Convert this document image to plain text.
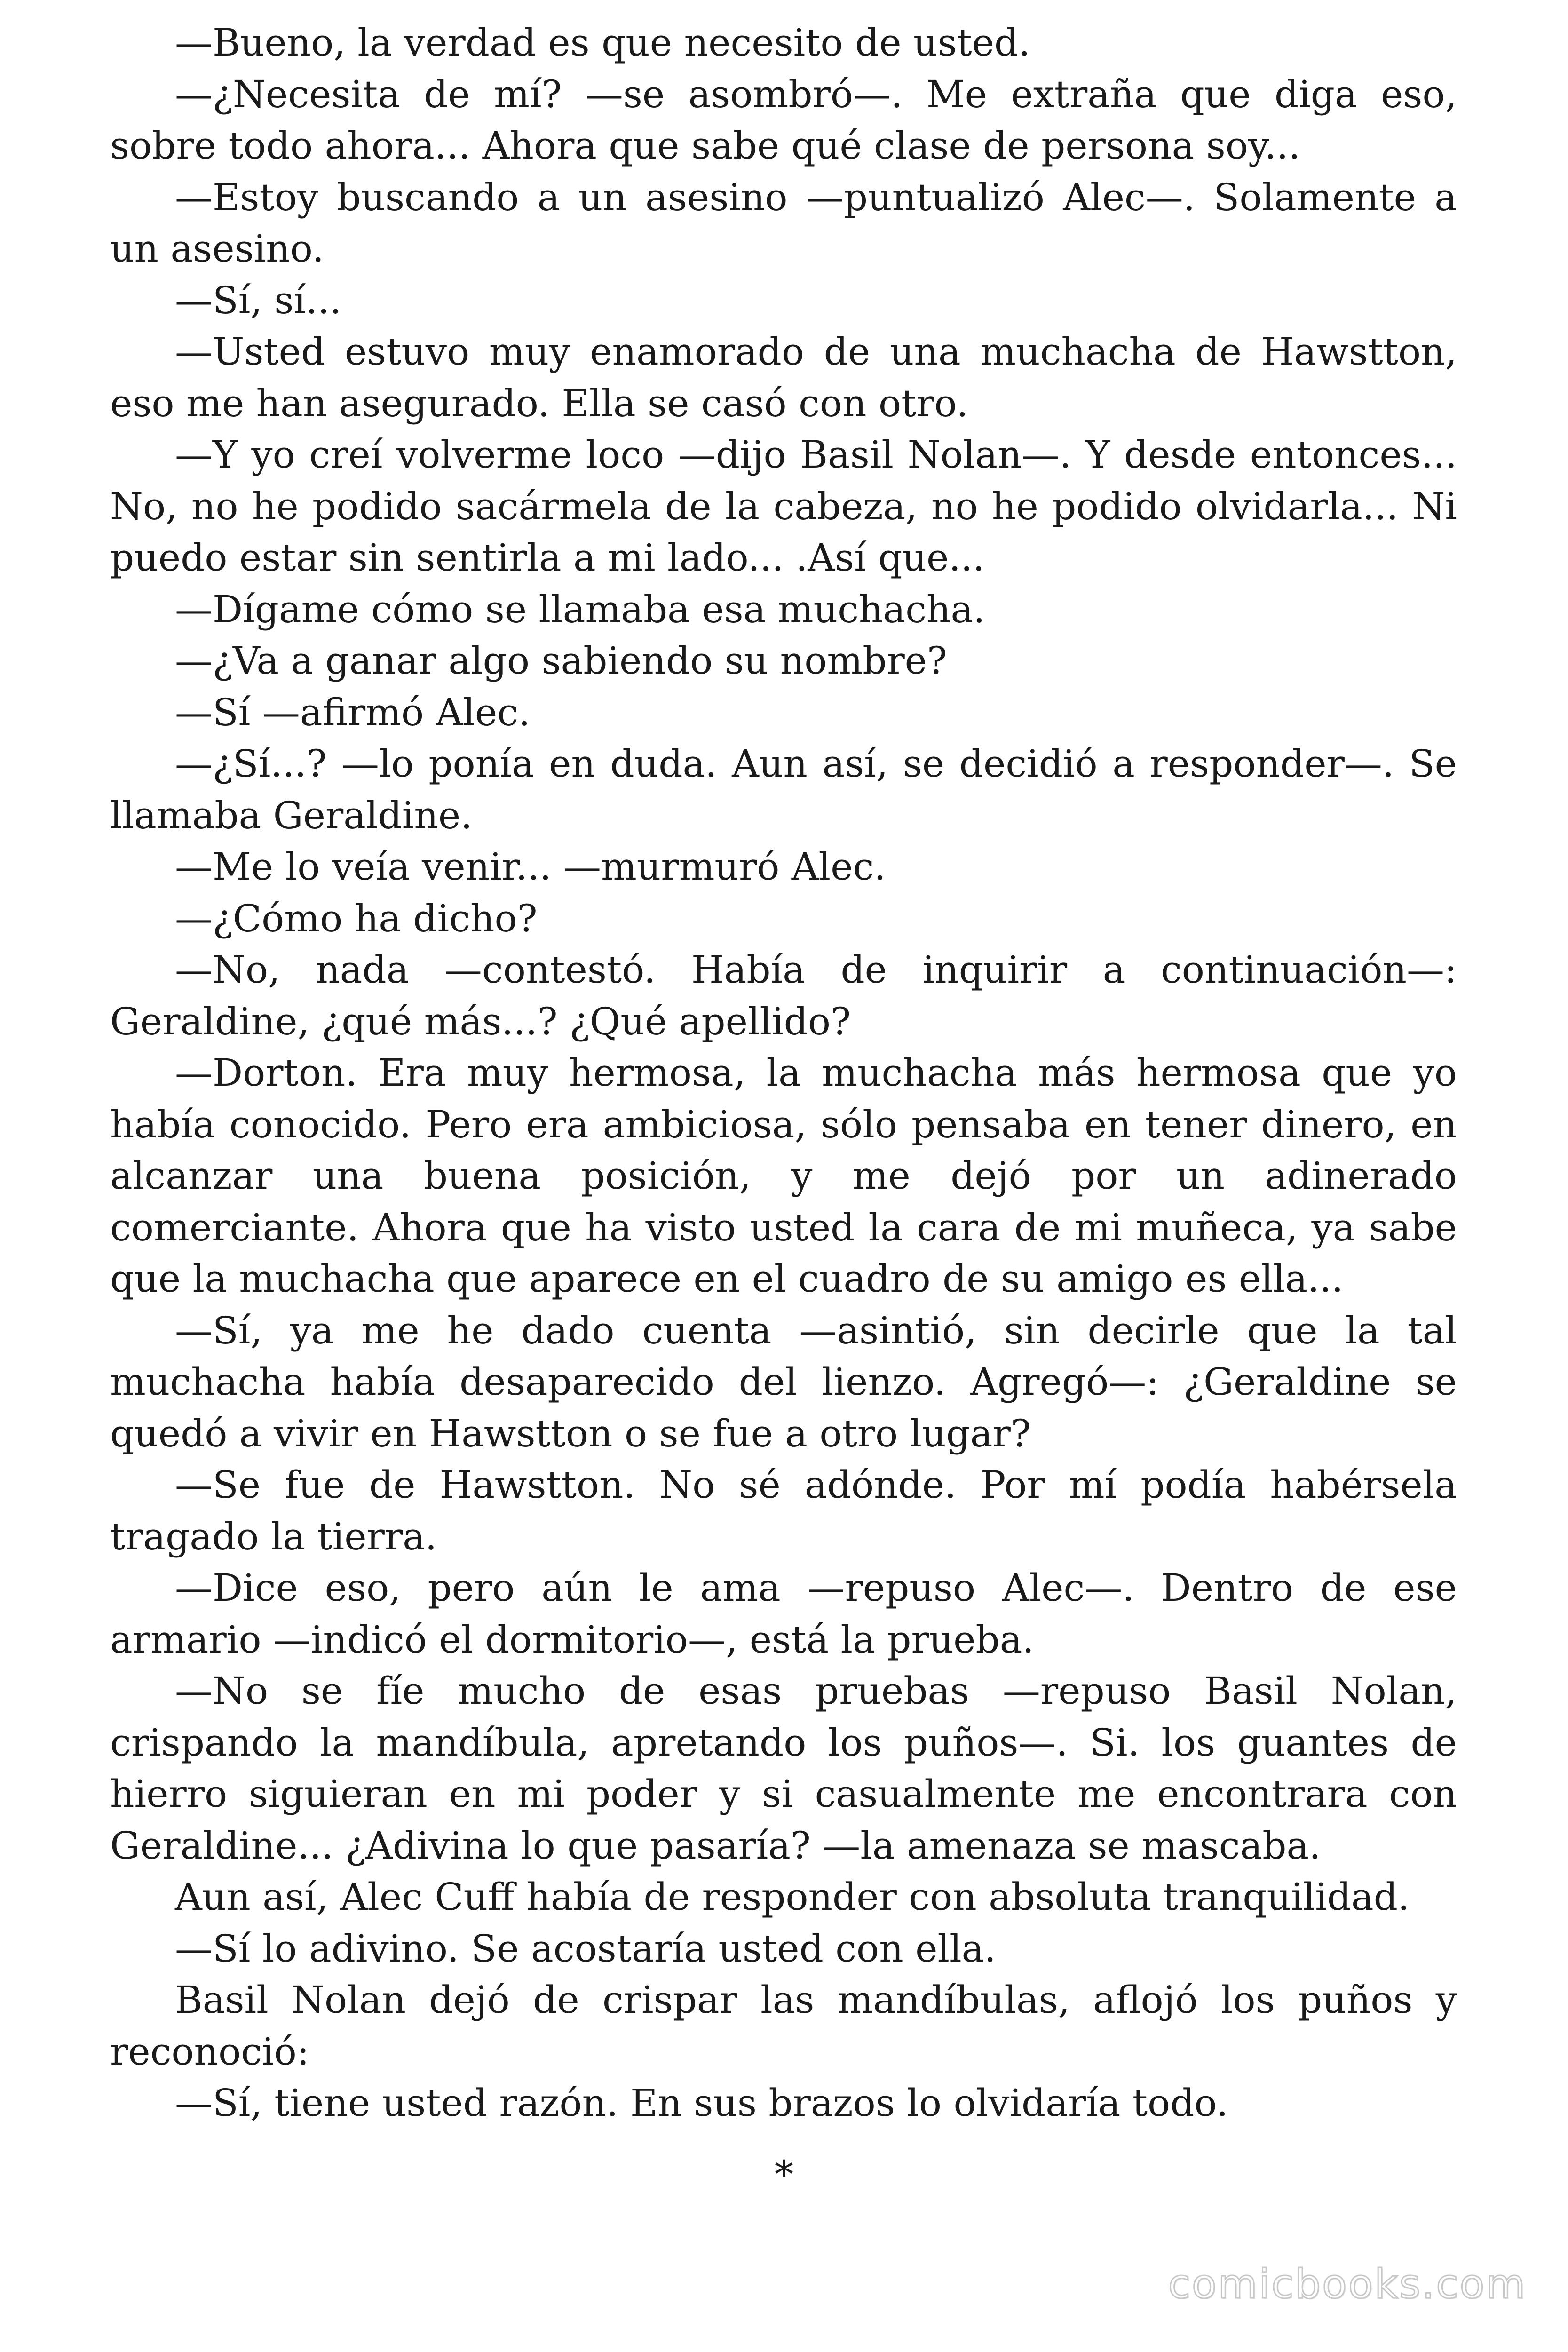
—Bueno, la verdad es que necesito de usted.

—¿Necesita de mí? —se asombró—. Me extraña que diga eso, sobre todo ahora... Ahora que sabe qué clase de persona soy...

—Estoy buscando a un asesino —puntualizó Alec—. Solamente a un asesino.

—Sí, sí...

—Usted estuvo muy enamorado de una muchacha de Hawstton, eso me han asegurado. Ella se casó con otro.

—Y yo creí volverme loco —dijo Basil Nolan—. Y desde entonces... No, no he podido sacármela de la cabeza, no he podido olvidarla... Ni puedo estar sin sentirla a mi lado... .Así que...

—Dígame cómo se llamaba esa muchacha.

—¿Va a ganar algo sabiendo su nombre?

—Sí —afirmó Alec.

—¿Sí...? —lo ponía en duda. Aun así, se decidió a responder—. Se llamaba Geraldine.

—Me lo veía venir... —murmuró Alec.

—¿Cómo ha dicho?

—No, nada —contestó. Había de inquirir a continuación—: Geraldine, ¿qué más...? ¿Qué apellido?

—Dorton. Era muy hermosa, la muchacha más hermosa que yo había conocido. Pero era ambiciosa, sólo pensaba en tener dinero, en alcanzar una buena posición, y me dejó por un adinerado comerciante. Ahora que ha visto usted la cara de mi muñeca, ya sabe que la muchacha que aparece en el cuadro de su amigo es ella...

—Sí, ya me he dado cuenta —asintió, sin decirle que la tal muchacha había desaparecido del lienzo. Agregó—: ¿Geraldine se quedó a vivir en Hawstton o se fue a otro lugar?

—Se fue de Hawstton. No sé adónde. Por mí podía habérsela tragado la tierra.

—Dice eso, pero aún le ama —repuso Alec—. Dentro de ese armario —indicó el dormitorio—, está la prueba.

—No se fíe mucho de esas pruebas —repuso Basil Nolan, crispando la mandíbula, apretando los puños—. Si. los guantes de hierro siguieran en mi poder y si casualmente me encontrara con Geraldine... ¿Adivina lo que pasaría? —la amenaza se mascaba.

Aun así, Alec Cuff había de responder con absoluta tranquilidad.

—Sí lo adivino. Se acostaría usted con ella.

Basil Nolan dejó de crispar las mandíbulas, aflojó los puños y reconoció:

—Sí, tiene usted razón. En sus brazos lo olvidaría todo.

*
comicbooks.com
